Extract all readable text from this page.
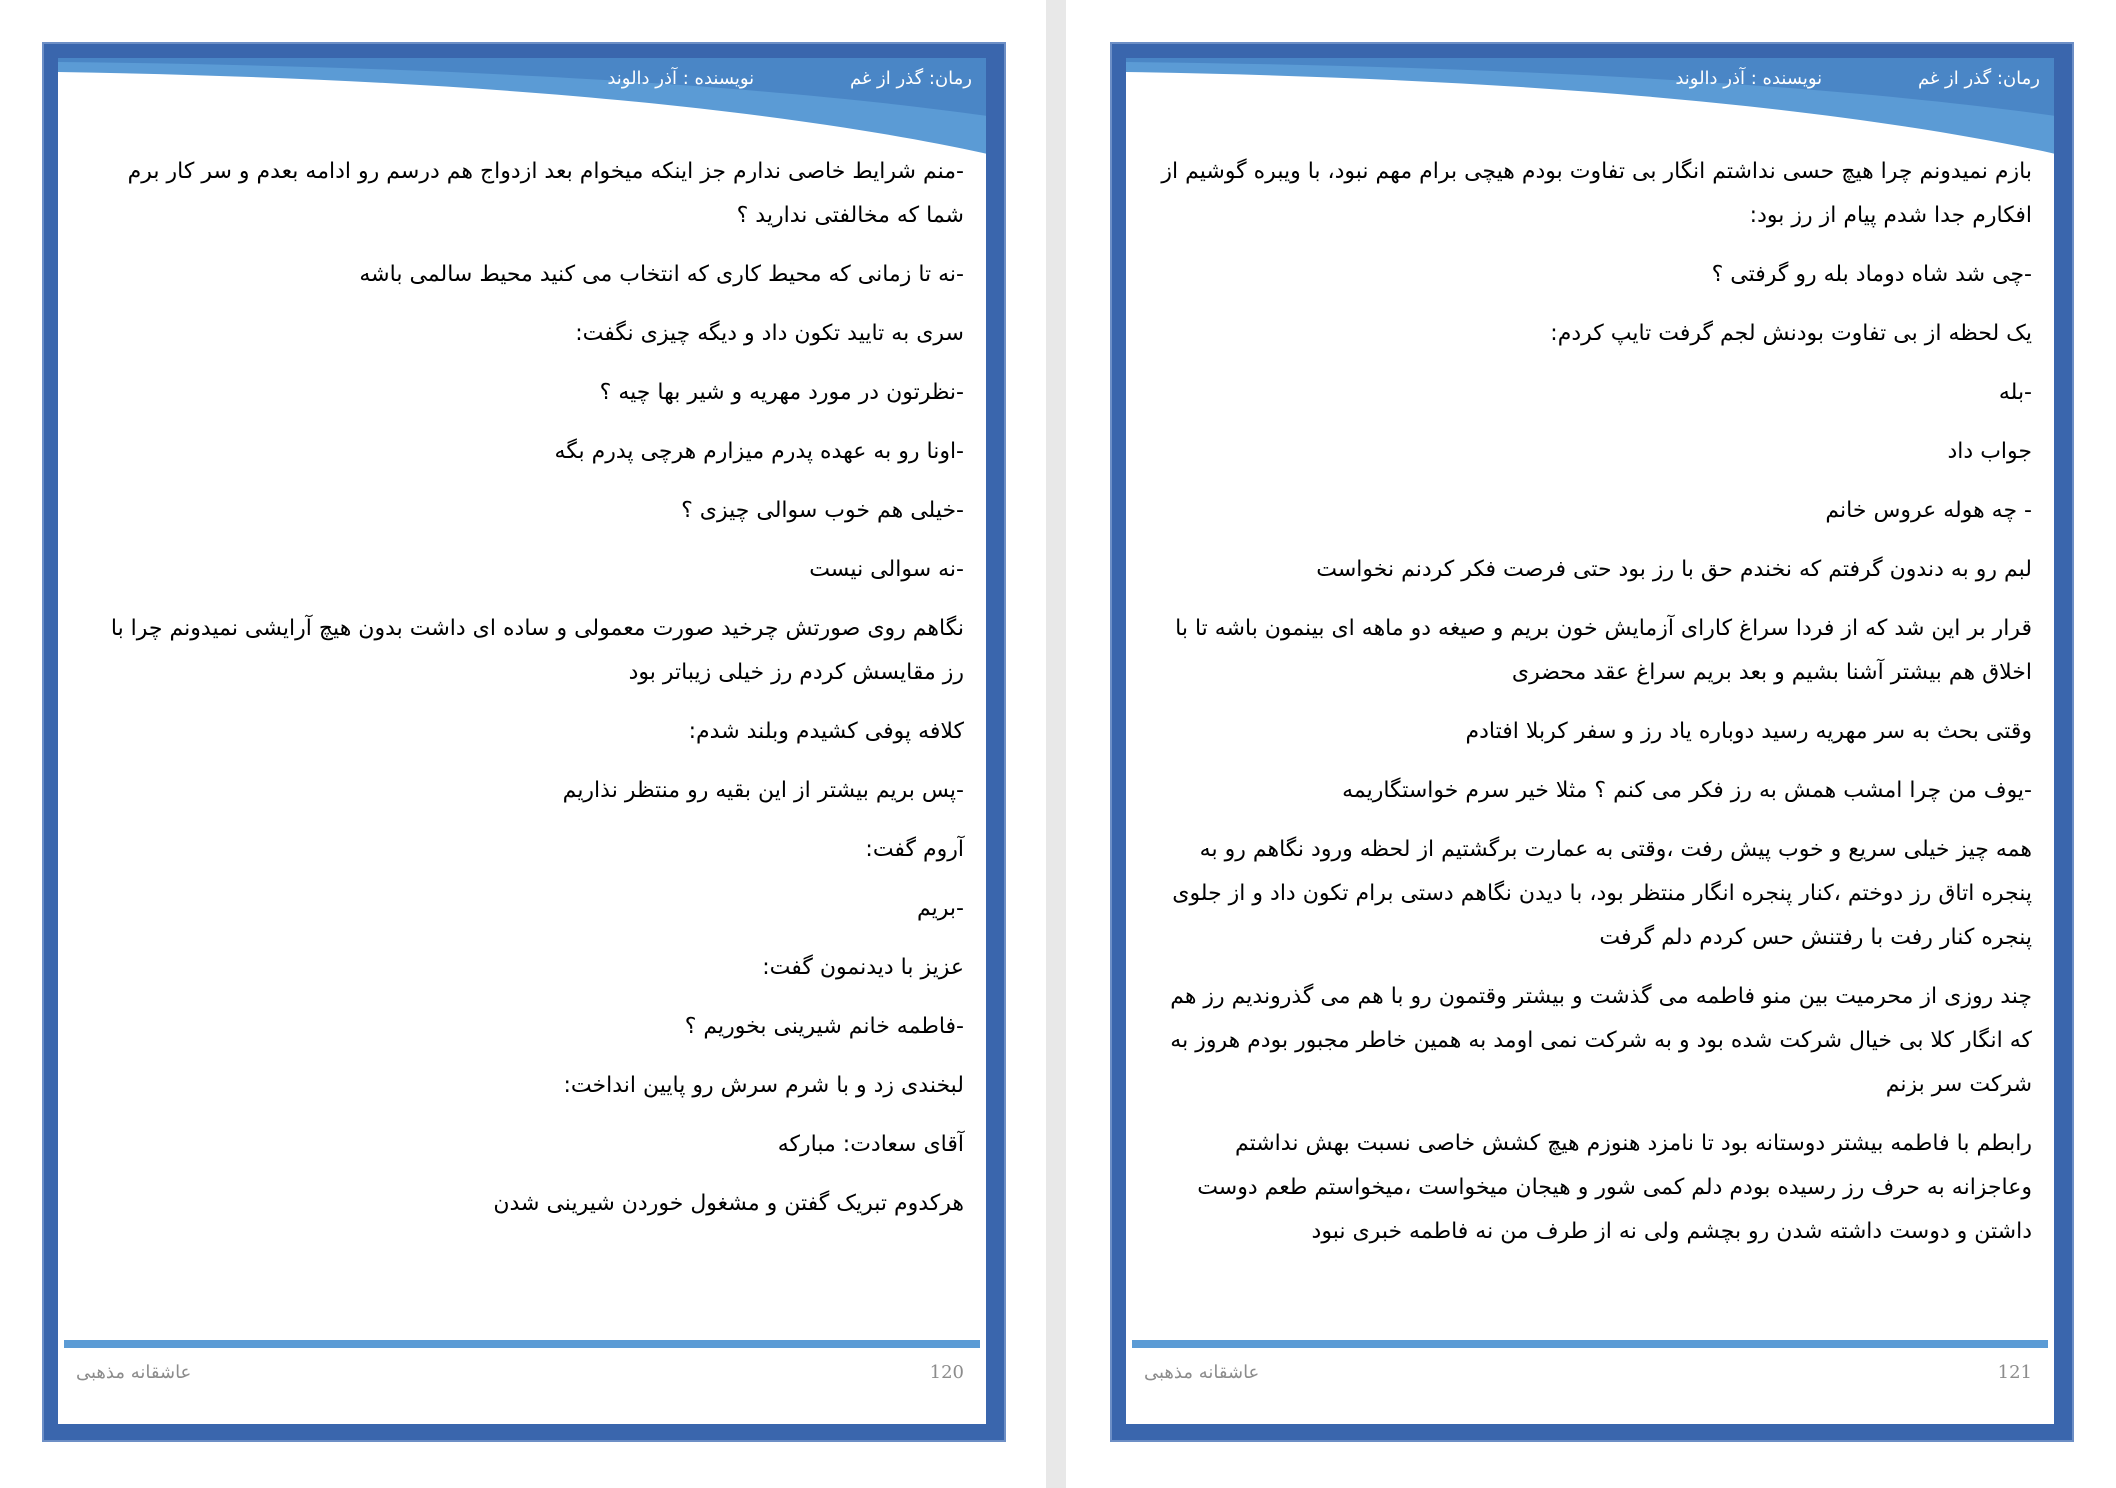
رمان: گذر از غم نویسنده : آذر دالوند

-منم شرایط خاصی ندارم جز اینکه میخوام بعد ازدواج هم درسم رو ادامه بعدم و سر کار برم شما که مخالفتی ندارید ؟

-نه تا زمانی که محیط کاری که انتخاب می کنید محیط سالمی باشه

سری به تایید تکون داد و دیگه چیزی نگفت:

-نظرتون در مورد مهریه و شیر بها چیه ؟

-اونا رو به عهده پدرم میزارم هرچی پدرم بگه

-خیلی هم خوب سوالی چیزی ؟

-نه سوالی نیست

نگاهم روی صورتش چرخید صورت معمولی و ساده ای داشت بدون هیچ آرایشی نمیدونم چرا با رز مقایسش کردم رز خیلی زیباتر بود

کلافه پوفی کشیدم وبلند شدم:

-پس بریم بیشتر از این بقیه رو منتظر نذاریم

آروم گفت:

-بریم

عزیز با دیدنمون گفت:

-فاطمه خانم شیرینی بخوریم ؟

لبخندی زد و با شرم سرش رو پایین انداخت:

آقای سعادت: مبارکه

هرکدوم تبریک گفتن و مشغول خوردن شیرینی شدن

120
عاشقانه مذهبی
رمان: گذر از غم نویسنده : آذر دالوند

بازم نمیدونم چرا هیچ حسی نداشتم انگار بی تفاوت بودم هیچی برام مهم نبود، با ویبره گوشیم از افکارم جدا شدم پیام از رز بود:

-چی شد شاه دوماد بله رو گرفتی ؟

یک لحظه از بی تفاوت بودنش لجم گرفت تایپ کردم:

-بله

جواب داد

- چه هوله عروس خانم

لبم رو به دندون گرفتم که نخندم حق با رز بود حتی فرصت فکر کردنم نخواست

قرار بر این شد که از فردا سراغ کارای آزمایش خون بریم و صیغه دو ماهه ای بینمون باشه تا با اخلاق هم بیشتر آشنا بشیم و بعد بریم سراغ عقد محضری

وقتی بحث به سر مهریه رسید دوباره یاد رز و سفر کربلا افتادم

-یوف من چرا امشب همش به رز فکر می کنم ؟ مثلا خیر سرم خواستگاریمه

همه چیز خیلی سریع و خوب پیش رفت ،وقتی به عمارت برگشتیم از لحظه ورود نگاهم رو به پنجره اتاق رز دوختم ،کنار پنجره انگار منتظر بود، با دیدن نگاهم دستی برام تکون داد و از جلوی پنجره کنار رفت با رفتنش حس کردم دلم گرفت

چند روزی از محرمیت بین منو فاطمه می گذشت و بیشتر وقتمون رو با هم می گذروندیم رز هم که انگار کلا بی خیال شرکت شده بود و به شرکت نمی اومد به همین خاطر مجبور بودم هروز به شرکت سر بزنم

رابطم با فاطمه بیشتر دوستانه بود تا نامزد هنوزم هیچ کشش خاصی نسبت بهش نداشتم وعاجزانه به حرف رز رسیده بودم دلم کمی شور و هیجان میخواست ،میخواستم طعم دوست داشتن و دوست داشته شدن رو بچشم ولی نه از طرف من نه فاطمه خبری نبود

121
عاشقانه مذهبی
